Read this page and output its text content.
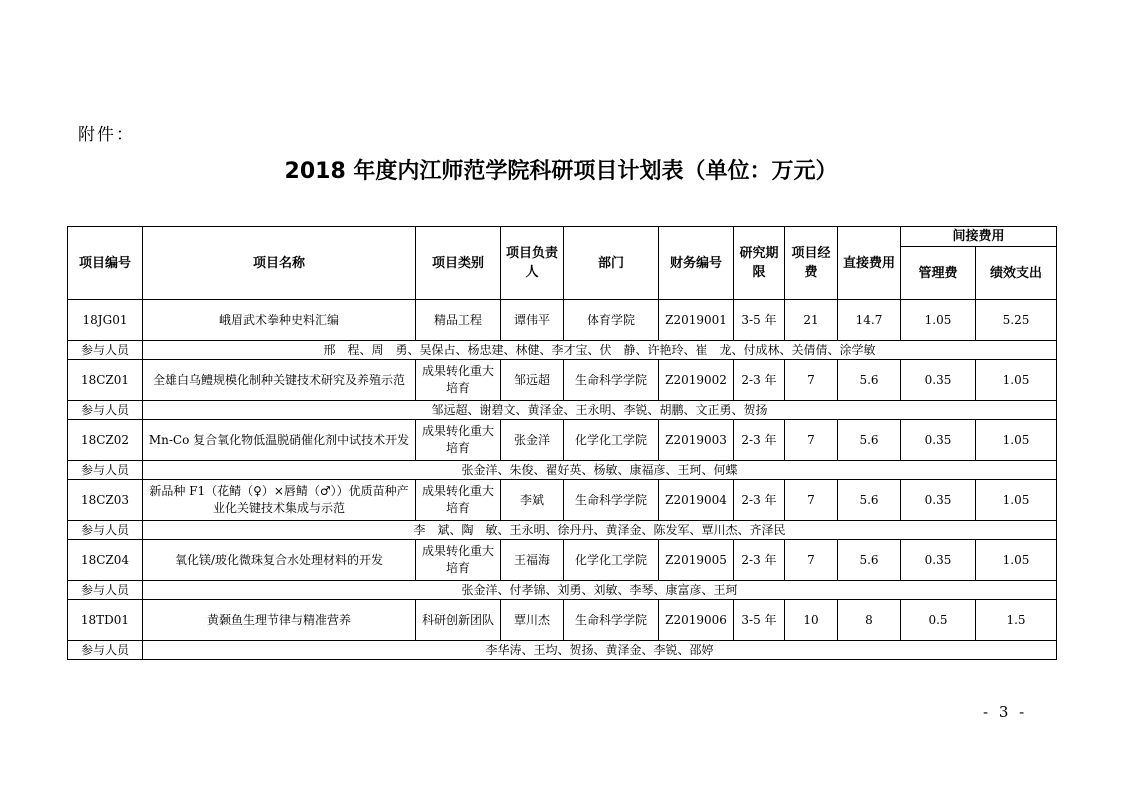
附件：
2018 年度内江师范学院科研项目计划表（单位：万元）
项目编号	项目名称	项目类别	项目负责人	部门	财务编号	研究期限	项目经费	直接费用	间接费用	
									管理费	绩效支出
18JG01	峨眉武术拳种史料汇编	精品工程	谭伟平	体育学院	Z2019001	3-5 年	21	14.7	1.05	5.25
参与人员	邢　程、周　勇、吴保占、杨忠建、林健、李才宝、伏　静、许艳玲、崔　龙、付成林、关倩倩、涂学敏									
18CZ01	全雄白乌鳢规模化制种关键技术研究及养殖示范	成果转化重大培育	邹远超	生命科学学院	Z2019002	2-3 年	7	5.6	0.35	1.05
参与人员	邹远超、谢碧文、黄泽金、王永明、李锐、胡鹏、文正勇、贺扬									
18CZ02	Mn-Co 复合氧化物低温脱硝催化剂中试技术开发	成果转化重大培育	张金洋	化学化工学院	Z2019003	2-3 年	7	5.6	0.35	1.05
参与人员	张金洋、朱俊、翟好英、杨敏、康福彦、王珂、何蝶									
18CZ03	新品种 F1（花鲭（♀）×唇鲭（♂））优质苗种产业化关键技术集成与示范	成果转化重大培育	李斌	生命科学学院	Z2019004	2-3 年	7	5.6	0.35	1.05
参与人员	李　斌、陶　敏、王永明、徐丹丹、黄泽金、陈发军、覃川杰、齐泽民									
18CZ04	氧化镁/玻化微珠复合水处理材料的开发	成果转化重大培育	王福海	化学化工学院	Z2019005	2-3 年	7	5.6	0.35	1.05
参与人员	张金洋、付孝锦、刘勇、刘敏、李琴、康富彦、王珂									
18TD01	黄颡鱼生理节律与精准营养	科研创新团队	覃川杰	生命科学学院	Z2019006	3-5 年	10	8	0.5	1.5
参与人员	李华涛、王均、贺扬、黄泽金、李锐、邵婷									
- 3 -
